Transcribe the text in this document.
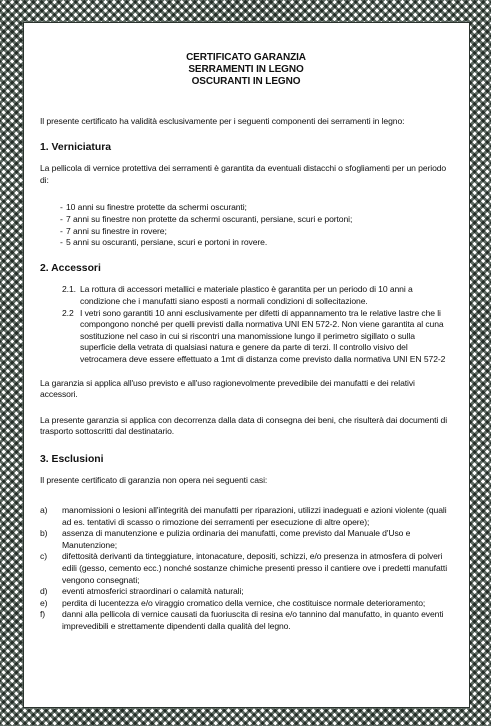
CERTIFICATO GARANZIA
SERRAMENTI IN LEGNO
OSCURANTI IN LEGNO

Il presente certificato ha validità esclusivamente per i seguenti componenti dei serramenti in legno:

1. Verniciatura

La pellicola di vernice protettiva dei serramenti è garantita da eventuali distacchi o sfogliamenti per un periodo di:

- 10 anni su finestre protette da schermi oscuranti;
- 7 anni su finestre non protette da schermi oscuranti, persiane, scuri e portoni;
- 7 anni su finestre in rovere;
- 5 anni su oscuranti, persiane, scuri e portoni in rovere.
2. Accessori
2.1. La rottura di accessori metallici e materiale plastico è garantita per un periodo di 10 anni a condizione che i manufatti siano esposti a normali condizioni di sollecitazione.
2.2 I vetri sono garantiti 10 anni esclusivamente per difetti di appannamento tra le relative lastre che li compongono nonché per quelli previsti dalla normativa UNI EN 572-2. Non viene garantita al cuna sostituzione nel caso in cui si riscontri una manomissione lungo il perimetro sigillato o sulla superficie della vetrata di qualsiasi natura e genere da parte di terzi. Il controllo visivo del vetrocamera deve essere effettuato a 1mt di distanza come previsto dalla normativa UNI EN 572-2

La garanzia si applica all'uso previsto e all'uso ragionevolmente prevedibile dei manufatti e dei relativi accessori.

La presente garanzia si applica con decorrenza dalla data di consegna dei beni, che risulterà dai documenti di trasporto sottoscritti dal destinatario.

3. Esclusioni

Il presente certificato di garanzia non opera nei seguenti casi:

a) manomissioni o lesioni all'integrità dei manufatti per riparazioni, utilizzi inadeguati e azioni violente (quali ad es. tentativi di scasso o rimozione dei serramenti per esecuzione di altre opere);
b) assenza di manutenzione e pulizia ordinaria dei manufatti, come previsto dal Manuale d'Uso e Manutenzione;
c) difettosità derivanti da tinteggiature, intonacature, depositi, schizzi, e/o presenza in atmosfera di polveri edili (gesso, cemento ecc.) nonché sostanze chimiche presenti presso il cantiere ove i predetti manufatti vengono consegnati;
d) eventi atmosferici straordinari o calamità naturali;
e) perdita di lucentezza e/o viraggio cromatico della vernice, che costituisce normale deterioramento;
f) danni alla pellicola di vernice causati da fuoriuscita di resina e/o tannino dal manufatto, in quanto eventi imprevedibili e strettamente dipendenti dalla qualità del legno.
